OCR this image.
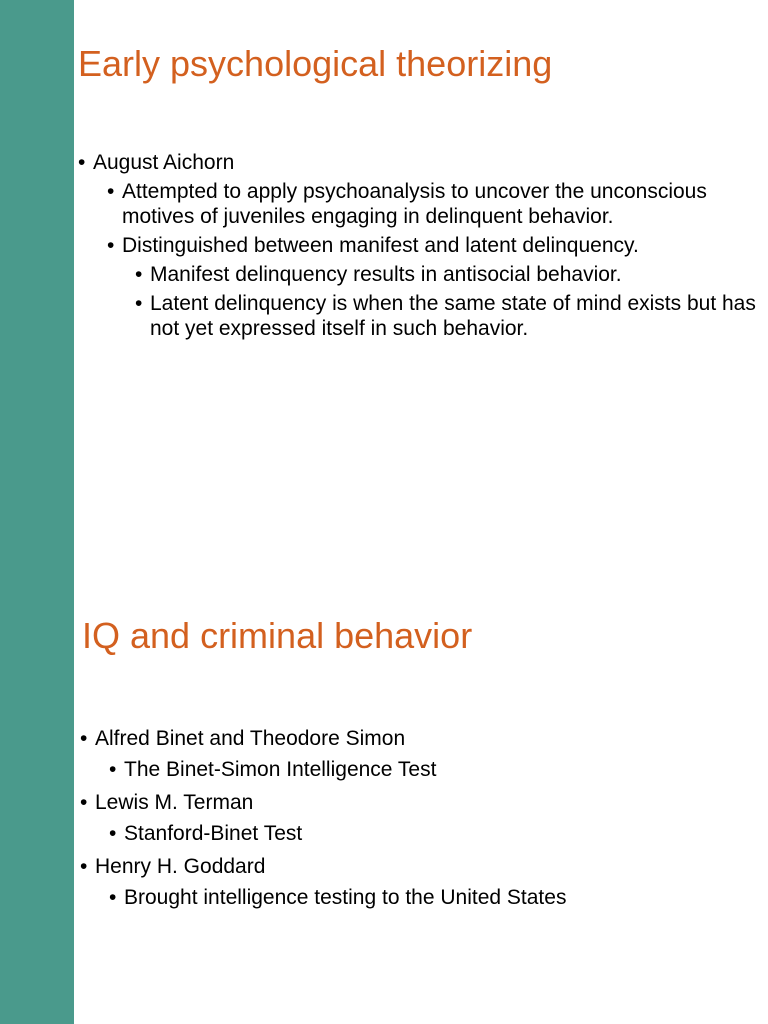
Early psychological theorizing
• August Aichorn
• Attempted to apply psychoanalysis to uncover the unconscious motives of juveniles engaging in delinquent behavior.
• Distinguished between manifest and latent delinquency.
• Manifest delinquency results in antisocial behavior.
• Latent delinquency is when the same state of mind exists but has not yet expressed itself in such behavior.
IQ and criminal behavior
• Alfred Binet and Theodore Simon
• The Binet-Simon Intelligence Test
• Lewis M. Terman
• Stanford-Binet Test
• Henry H. Goddard
• Brought intelligence testing to the United States
